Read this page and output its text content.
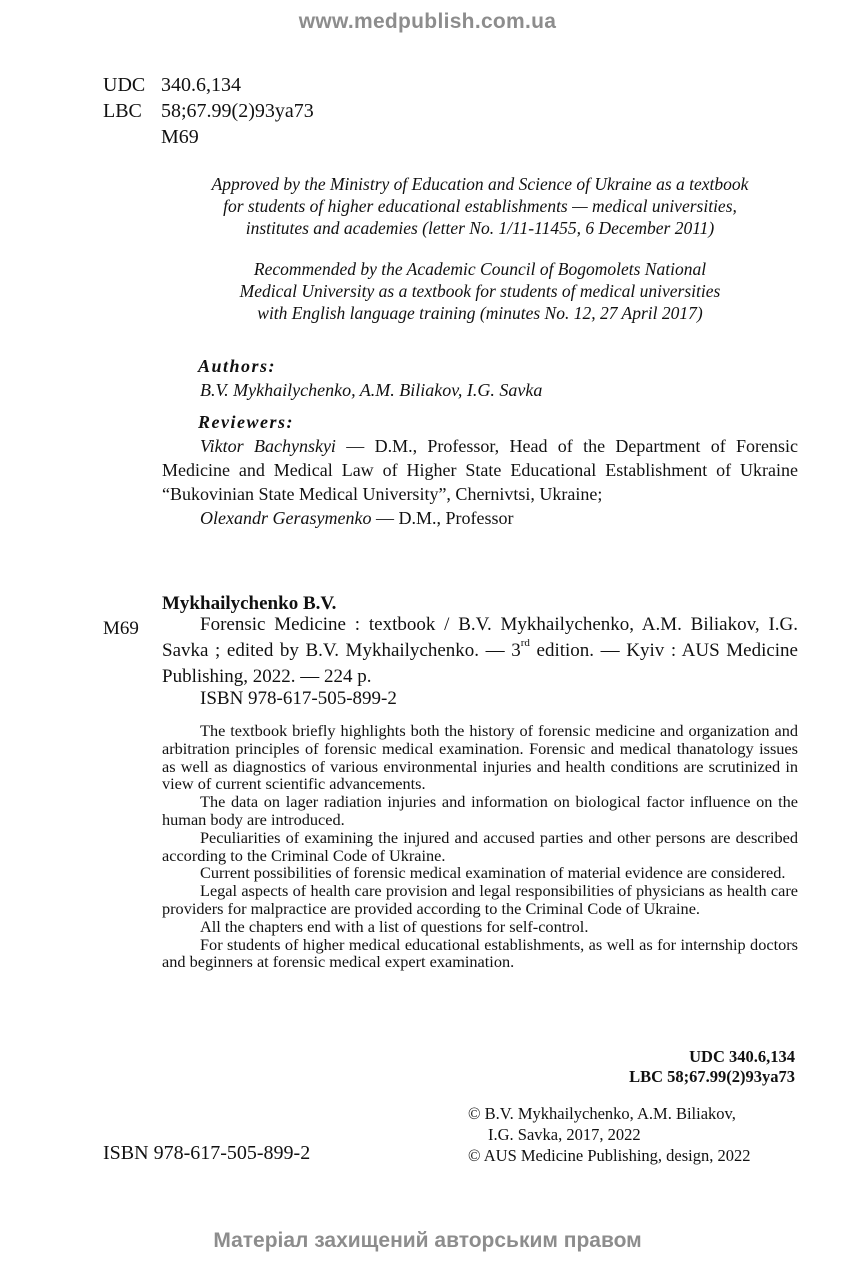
www.medpublish.com.ua
UDC 340.6,134
LBC 58;67.99(2)93ya73
M69

Approved by the Ministry of Education and Science of Ukraine as a textbook

for students of higher educational establishments — medical universities,

institutes and academies (letter No. 1/11-11455, 6 December 2011)

Recommended by the Academic Council of Bogomolets National

Medical University as a textbook for students of medical universities

with English language training (minutes No. 12, 27 April 2017)

Authors:
B.V. Mykhailychenko, A.M. Biliakov, I.G. Savka
Reviewers:

Viktor Bachynskyi — D.M., Professor, Head of the Department of Forensic Medicine and Medical Law of Higher State Educational Establishment of Ukraine “Bukovinian State Medical University”, Chernivtsi, Ukraine;

Olexandr Gerasymenko — D.M., Professor

Mykhailychenko B.V.
M69	Forensic Medicine : textbook / B.V. Mykhailychenko, A.M. Biliakov, I.G. Savka ; edited by B.V. Mykhailychenko. — 3rd edition. — Kyiv : AUS Medicine Publishing, 2022. — 224 p.

ISBN 978-617-505-899-2

The textbook briefly highlights both the history of forensic medicine and organization and arbitration principles of forensic medical examination. Forensic and medical thanatology issues as well as diagnostics of various environmental injuries and health conditions are scrutinized in view of current scientific advancements.

The data on lager radiation injuries and information on biological factor influence on the human body are introduced.

Peculiarities of examining the injured and accused parties and other persons are described according to the Criminal Code of Ukraine.

Current possibilities of forensic medical examination of material evidence are considered.

Legal aspects of health care provision and legal responsibilities of physicians as health care providers for malpractice are provided according to the Criminal Code of Ukraine.

All the chapters end with a list of questions for self-control.

For students of higher medical educational establishments, as well as for internship doctors and beginners at forensic medical expert examination.

UDC 340.6,134
LBC 58;67.99(2)93ya73
© B.V. Mykhailychenko, A.M. Biliakov,
I.G. Savka, 2017, 2022
© AUS Medicine Publishing, design, 2022
ISBN 978-617-505-899-2
Матеріал захищений авторським правом
